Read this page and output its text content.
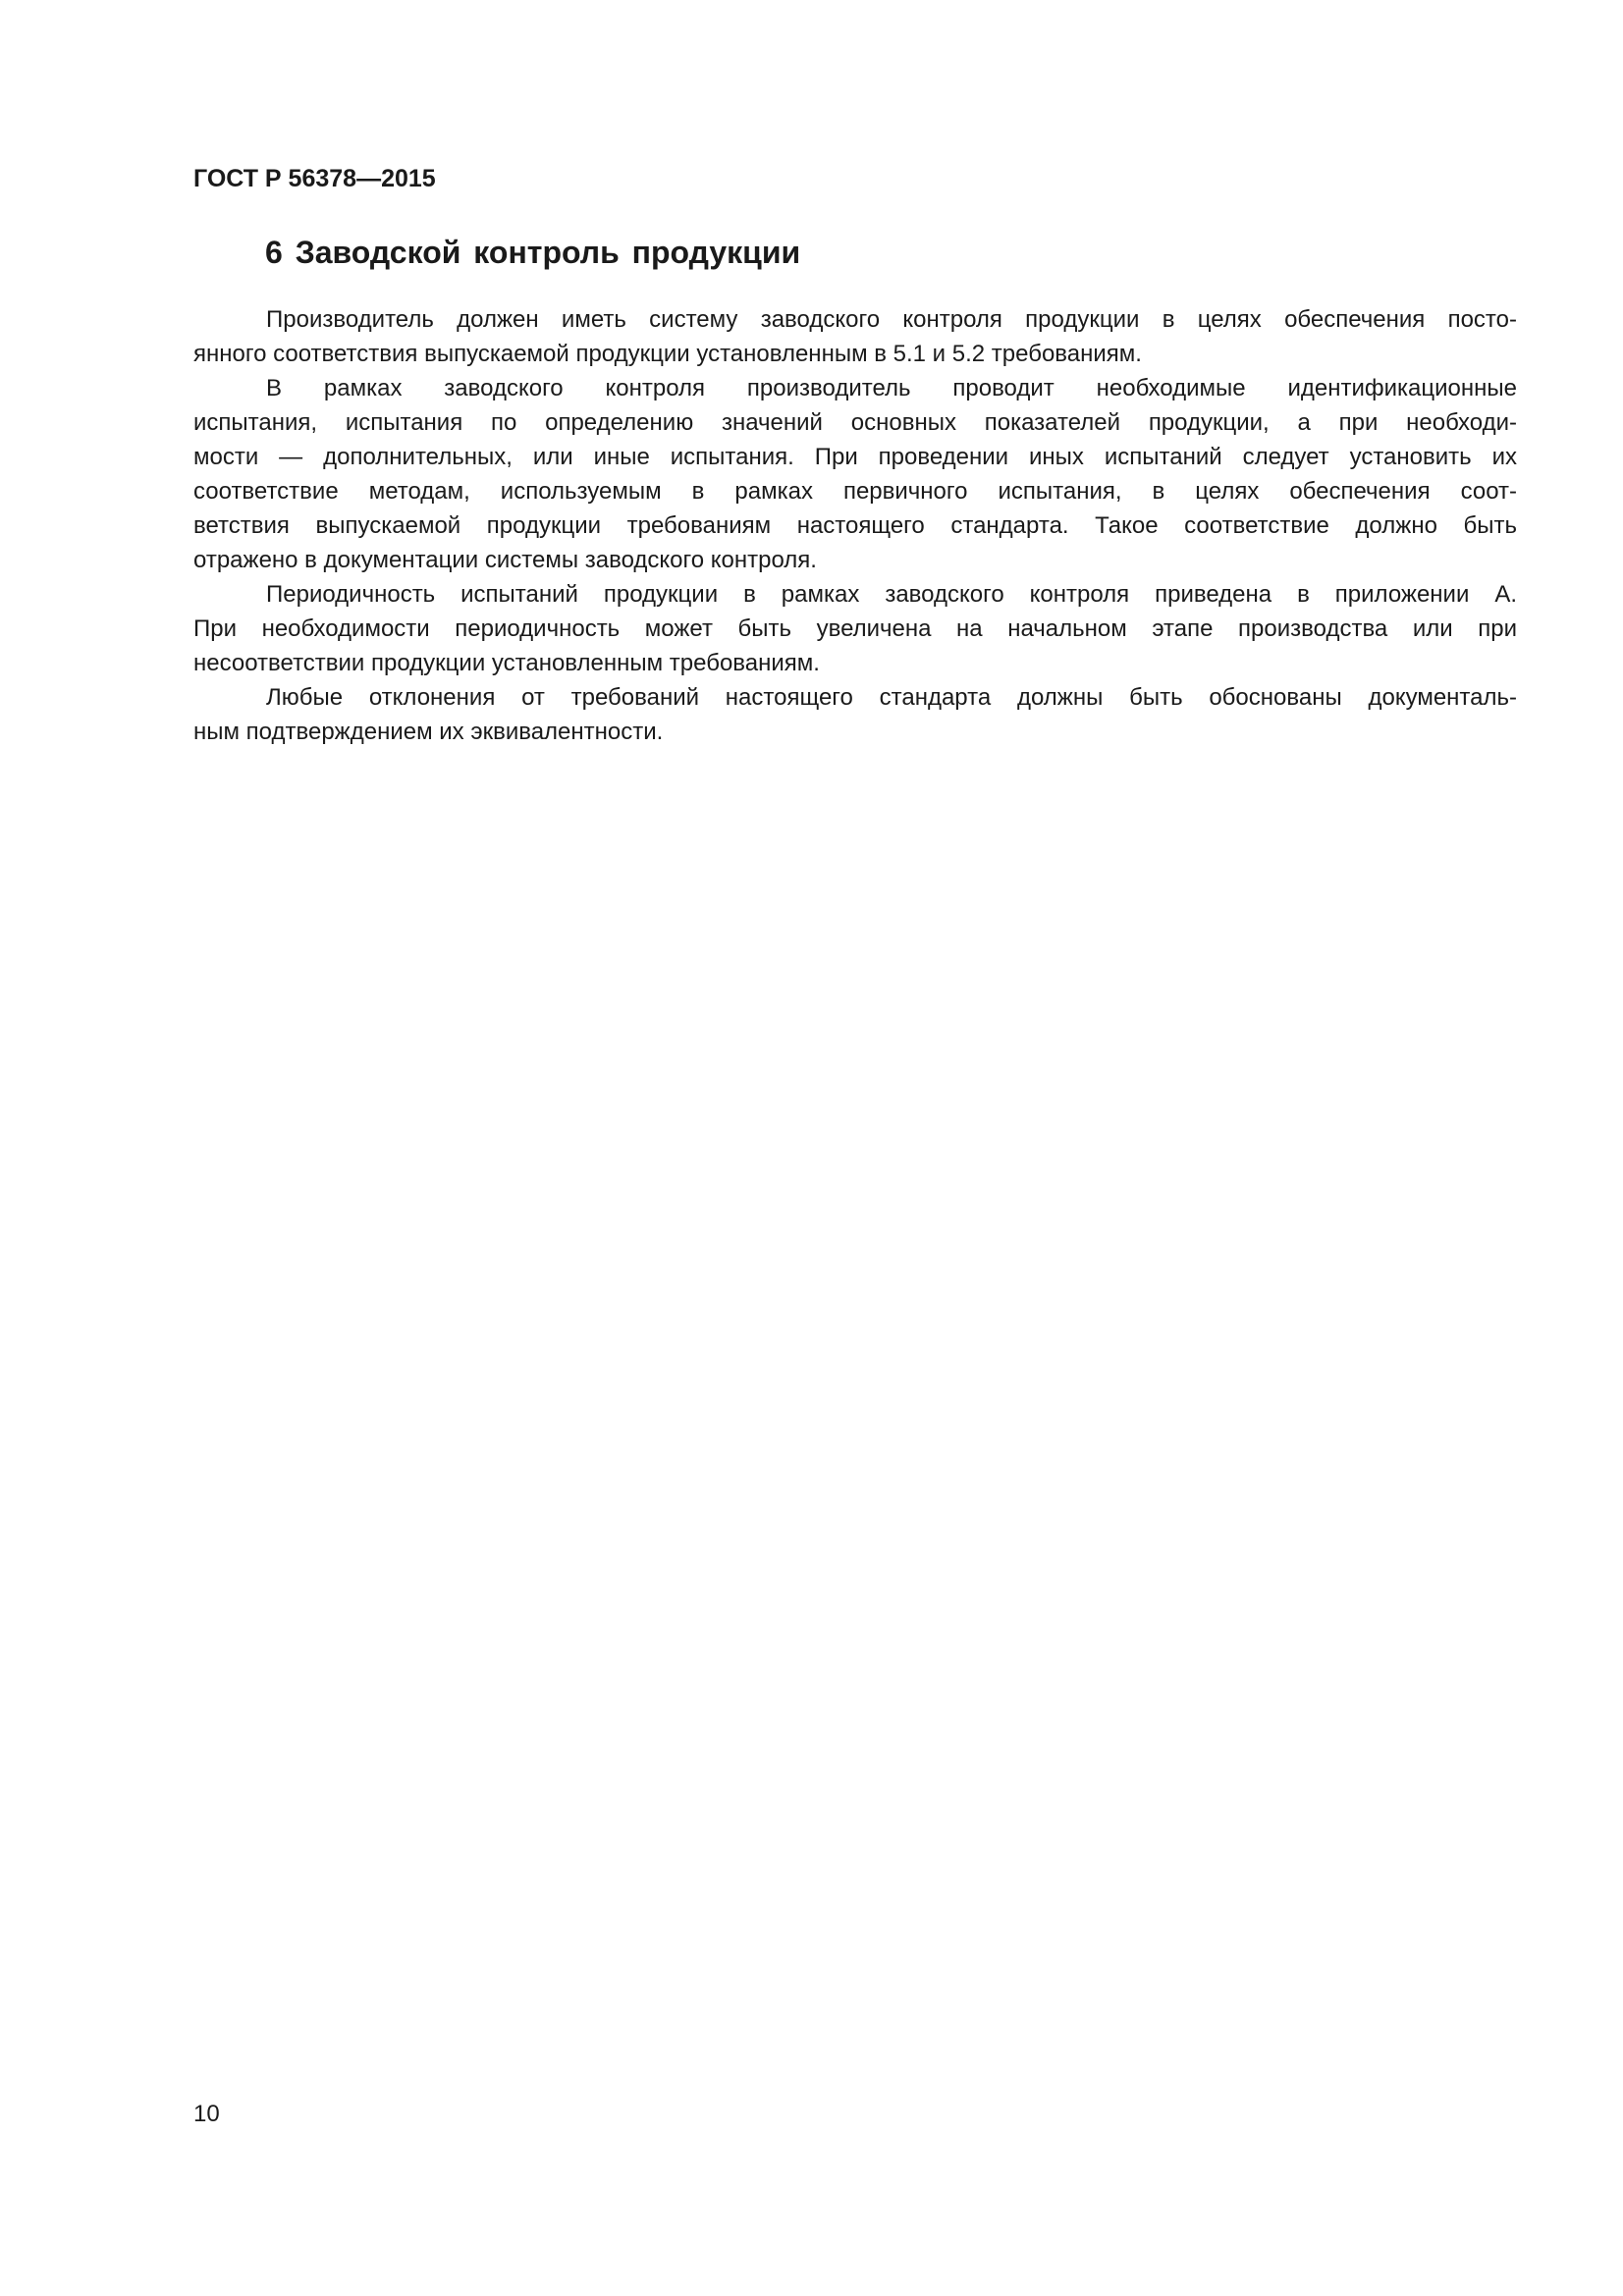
ГОСТ Р 56378—2015
6 Заводской контроль продукции
Производитель должен иметь систему заводского контроля продукции в целях обеспечения посто-
янного соответствия выпускаемой продукции установленным в 5.1 и 5.2 требованиям.
В рамках заводского контроля производитель проводит необходимые идентификационные
испытания, испытания по определению значений основных показателей продукции, а при необходи-
мости — дополнительных, или иные испытания. При проведении иных испытаний следует установить их
соответствие методам, используемым в рамках первичного испытания, в целях обеспечения соот-
ветствия выпускаемой продукции требованиям настоящего стандарта. Такое соответствие должно быть
отражено в документации системы заводского контроля.
Периодичность испытаний продукции в рамках заводского контроля приведена в приложении А.
При необходимости периодичность может быть увеличена на начальном этапе производства или при
несоответствии продукции установленным требованиям.
Любые отклонения от требований настоящего стандарта должны быть обоснованы документаль-
ным подтверждением их эквивалентности.
10
